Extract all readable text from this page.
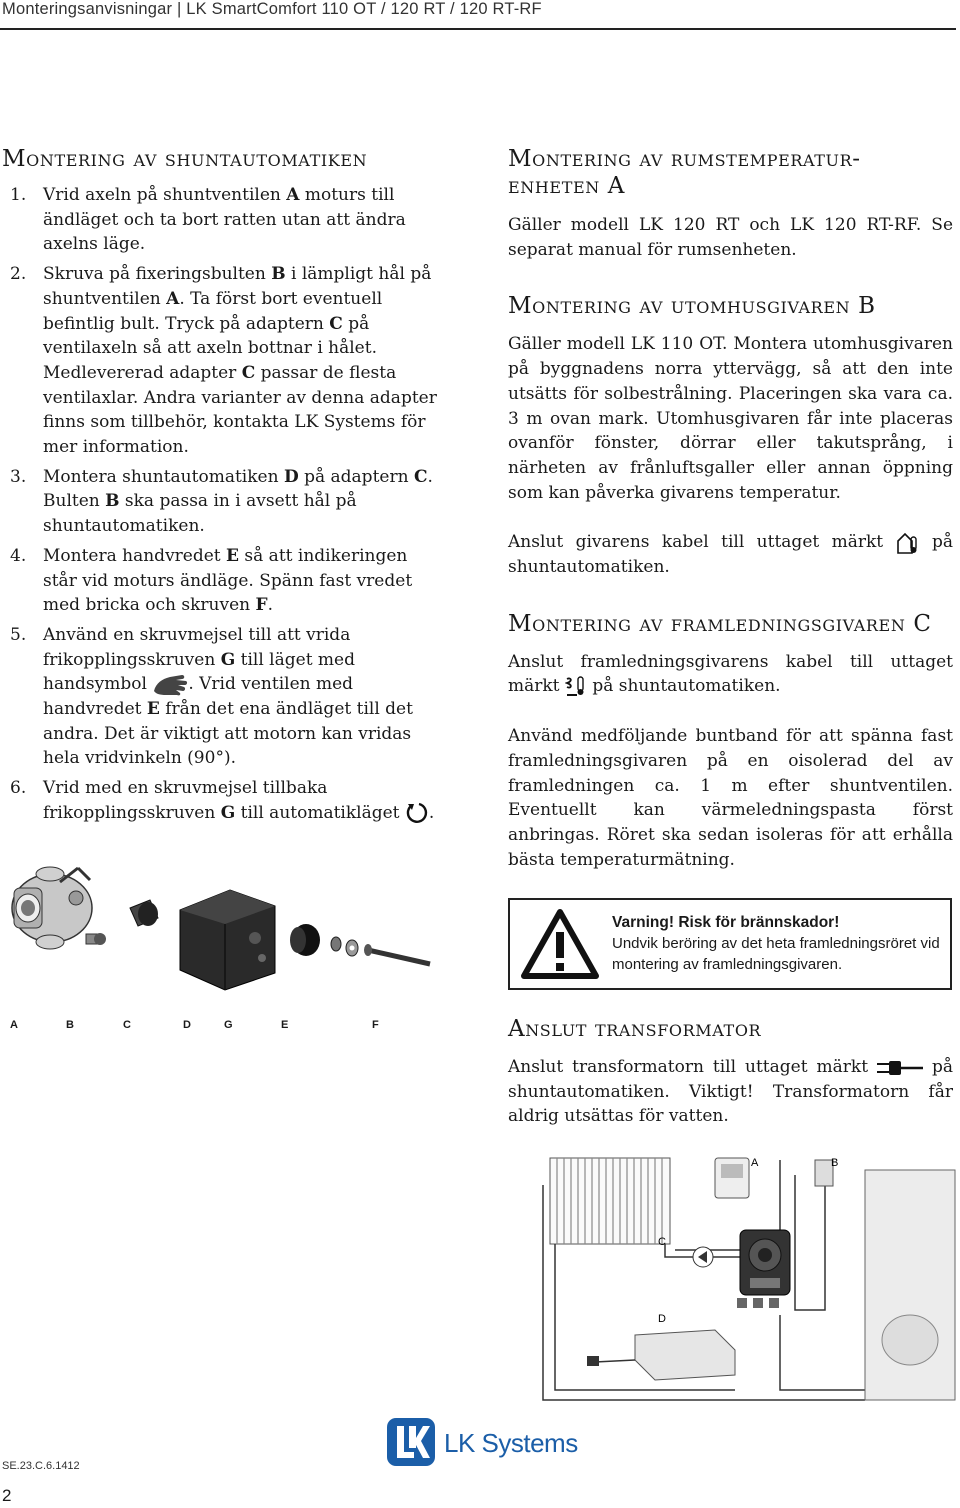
Monteringsanvisningar | LK SmartComfort 110 OT / 120 RT / 120 RT-RF
Montering av shuntautomatiken
1. Vrid axeln på shuntventilen A moturs till ändläget och ta bort ratten utan att ändra axelns läge.
2. Skruva på fixeringsbulten B i lämpligt hål på shuntventilen A. Ta först bort eventuell befintlig bult. Tryck på adaptern C på ventilaxeln så att axeln bottnar i hålet. Medlevererad adapter C passar de flesta ventilaxlar. Andra varianter av denna adapter finns som tillbehör, kontakta LK Systems för mer information.
3. Montera shuntautomatiken D på adaptern C. Bulten B ska passa in i avsett hål på shuntautomatiken.
4. Montera handvredet E så att indikeringen står vid moturs ändläge. Spänn fast vredet med bricka och skruven F.
5. Använd en skruvmejsel till att vrida frikopplingsskruven G till läget med handsymbol . Vrid ventilen med handvredet E från det ena ändläget till det andra. Det är viktigt att motorn kan vridas hela vridvinkeln (90°).
6. Vrid med en skruvmejsel tillbaka frikopplingsskruven G till automatikläget .
A	B	C	D	G	E	F
Montering av rumstemperatur-enheten A

Gäller modell LK 120 RT och LK 120 RT-RF. Se separat manual för rumsenheten.

Montering av utomhusgivaren B

Gäller modell LK 110 OT. Montera utomhusgivaren på byggnadens norra yttervägg, så att den inte utsätts för solbestrålning. Placeringen ska vara ca. 3 m ovan mark. Utomhusgivaren får inte placeras ovanför fönster, dörrar eller takutsprång, i närheten av frånluftsgaller eller annan öppning som kan påverka givarens temperatur.

Anslut givarens kabel till uttaget märkt	på shuntautomatiken.

Montering av framledningsgivaren C

Anslut framledningsgivarens kabel till uttaget märkt på shuntautomatiken.

Använd medföljande buntband för att spänna fast framledningsgivaren på en oisolerad del av framledningen ca. 1 m efter shuntventilen. Eventuellt kan värmeledningspasta först anbringas. Röret ska sedan isoleras för att erhålla bästa temperaturmätning.

Varning! Risk för brännskador!
Undvik beröring av det heta framledningsröret vid montering av framledningsgivaren.
Anslut transformator

Anslut transformatorn till uttaget märkt	på shuntautomatiken. Viktigt! Transformatorn får aldrig utsättas för vatten.

A	B
C
D
SE.23.C.6.1412
2
LK Systems
